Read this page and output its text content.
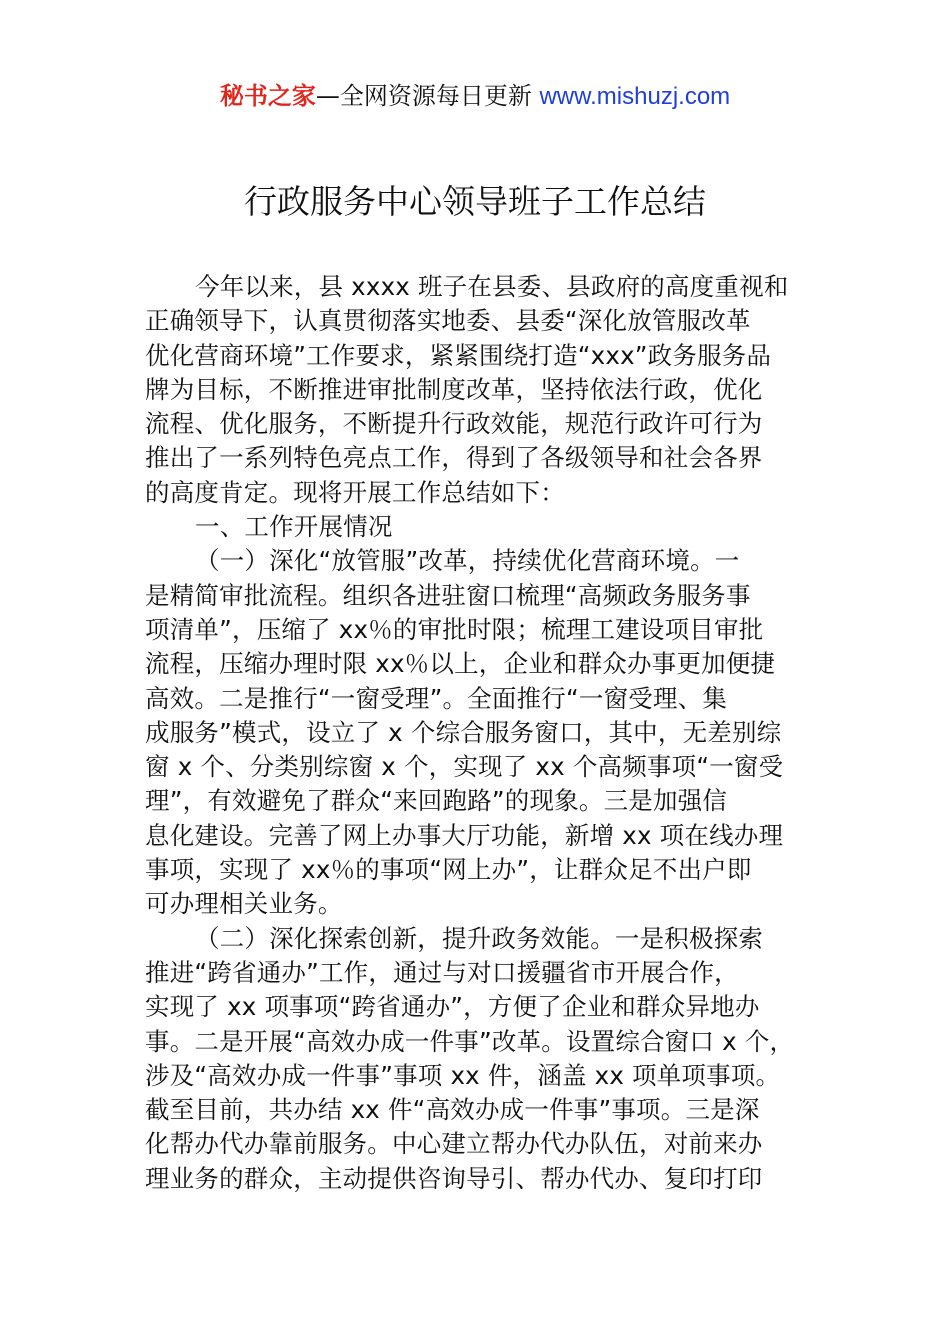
秘书之家—全网资源每日更新 www.mishuzj.com
行政服务中心领导班子工作总结
今年以来，县 xxxx 班子在县委、县政府的高度重视和
正确领导下，认真贯彻落实地委、县委“深化放管服改革
优化营商环境”工作要求，紧紧围绕打造“xxx”政务服务品
牌为目标，不断推进审批制度改革，坚持依法行政，优化
流程、优化服务，不断提升行政效能，规范行政许可行为
推出了一系列特色亮点工作，得到了各级领导和社会各界
的高度肯定。现将开展工作总结如下：
一、工作开展情况
（一）深化“放管服”改革，持续优化营商环境。一
是精简审批流程。组织各进驻窗口梳理“高频政务服务事
项清单”，压缩了 xx％的审批时限；梳理工建设项目审批
流程，压缩办理时限 xx％以上，企业和群众办事更加便捷
高效。二是推行“一窗受理”。全面推行“一窗受理、集
成服务”模式，设立了 x 个综合服务窗口，其中，无差别综
窗 x 个、分类别综窗 x 个，实现了 xx 个高频事项“一窗受
理”，有效避免了群众“来回跑路”的现象。三是加强信
息化建设。完善了网上办事大厅功能，新增 xx 项在线办理
事项，实现了 xx％的事项“网上办”，让群众足不出户即
可办理相关业务。
（二）深化探索创新，提升政务效能。一是积极探索
推进“跨省通办”工作，通过与对口援疆省市开展合作，
实现了 xx 项事项“跨省通办”，方便了企业和群众异地办
事。二是开展“高效办成一件事”改革。设置综合窗口 x 个，
涉及“高效办成一件事”事项 xx 件，涵盖 xx 项单项事项。
截至目前，共办结 xx 件“高效办成一件事”事项。三是深
化帮办代办靠前服务。中心建立帮办代办队伍，对前来办
理业务的群众，主动提供咨询导引、帮办代办、复印打印
